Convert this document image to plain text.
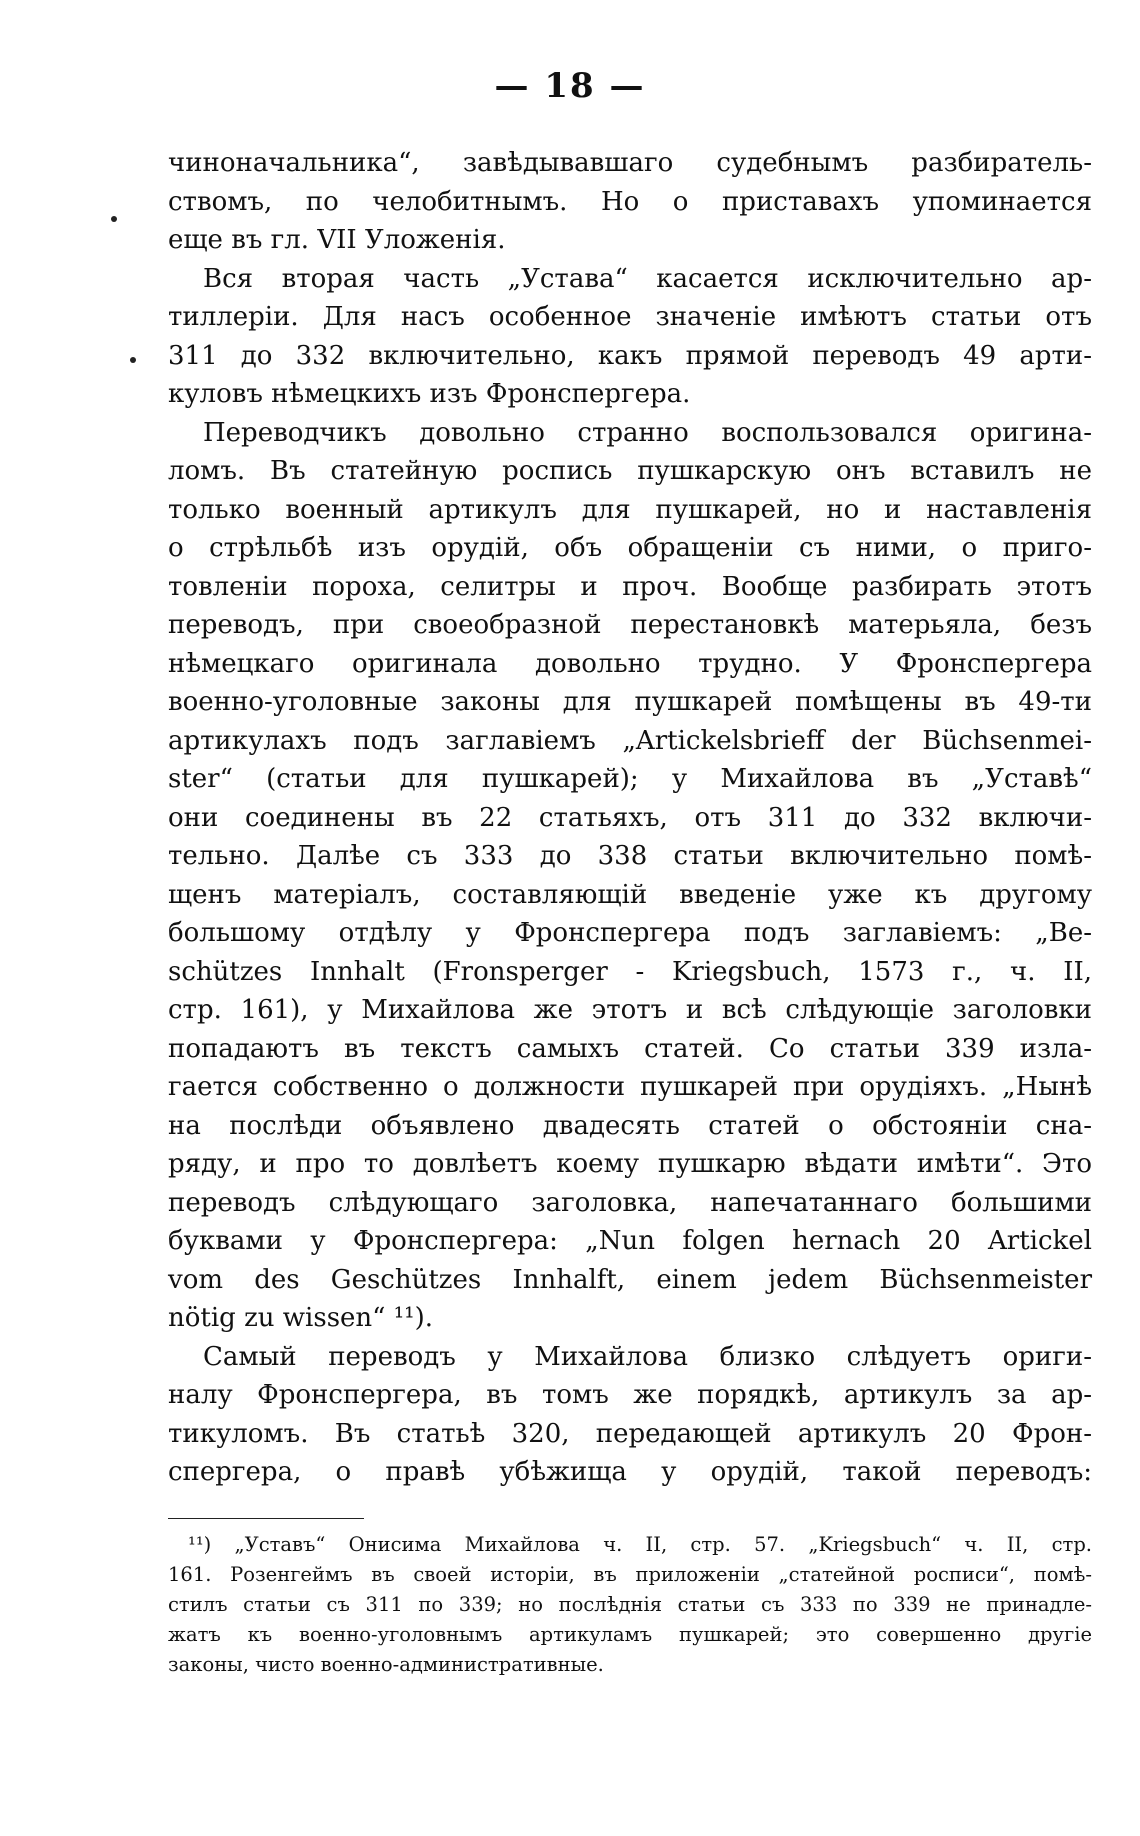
— 18 —
чиноначальника“, завѣдывавшаго судебнымъ разбиратель-
ствомъ, по челобитнымъ. Но о приставахъ упоминается
еще въ гл. VII Уложенія.
Вся вторая часть „Устава“ касается исключительно ар-
тиллеріи. Для насъ особенное значеніе имѣютъ статьи отъ
311 до 332 включительно, какъ прямой переводъ 49 арти-
куловъ нѣмецкихъ изъ Фронспергера.
Переводчикъ довольно странно воспользовался оригина-
ломъ. Въ статейную роспись пушкарскую онъ вставилъ не
только военный артикулъ для пушкарей, но и наставленія
о стрѣльбѣ изъ орудій, объ обращеніи съ ними, о приго-
товленіи пороха, селитры и проч. Вообще разбирать этотъ
переводъ, при своеобразной перестановкѣ матерьяла, безъ
нѣмецкаго оригинала довольно трудно. У Фронспергера
военно-уголовные законы для пушкарей помѣщены въ 49-ти
артикулахъ подъ заглавіемъ „Artickelsbrieff der Büchsenmei-
ster“ (статьи для пушкарей); у Михайлова въ „Уставѣ“
они соединены въ 22 статьяхъ, отъ 311 до 332 включи-
тельно. Далѣе съ 333 до 338 статьи включительно помѣ-
щенъ матеріалъ, составляющій введеніе уже къ другому
большому отдѣлу у Фронспергера подъ заглавіемъ: „Be-
schützes Innhalt (Fronsperger - Kriegsbuch, 1573 г., ч. II,
стр. 161), у Михайлова же этотъ и всѣ слѣдующіе заголовки
попадаютъ въ текстъ самыхъ статей. Со статьи 339 изла-
гается собственно о должности пушкарей при орудіяхъ. „Нынѣ
на послѣди объявлено двадесять статей о обстояніи сна-
ряду, и про то довлѣетъ коему пушкарю вѣдати имѣти“. Это
переводъ слѣдующаго заголовка, напечатаннаго большими
буквами у Фронспергера: „Nun folgen hernach 20 Artickel
vom des Geschützes Innhalft, einem jedem Büchsenmeister
nötig zu wissen“ ¹¹).
Самый переводъ у Михайлова близко слѣдуетъ ориги-
налу Фронспергера, въ томъ же порядкѣ, артикулъ за ар-
тикуломъ. Въ статьѣ 320, передающей артикулъ 20 Фрон-
спергера, о правѣ убѣжища у орудій, такой переводъ:
¹¹) „Уставъ“ Онисима Михайлова ч. II, стр. 57. „Kriegsbuch“ ч. II, стр.
161. Розенгеймъ въ своей исторіи, въ приложеніи „статейной росписи“, помѣ-
стилъ статьи съ 311 по 339; но послѣднія статьи съ 333 по 339 не принадле-
жатъ къ военно-уголовнымъ артикуламъ пушкарей; это совершенно другіе
законы, чисто военно-административные.
